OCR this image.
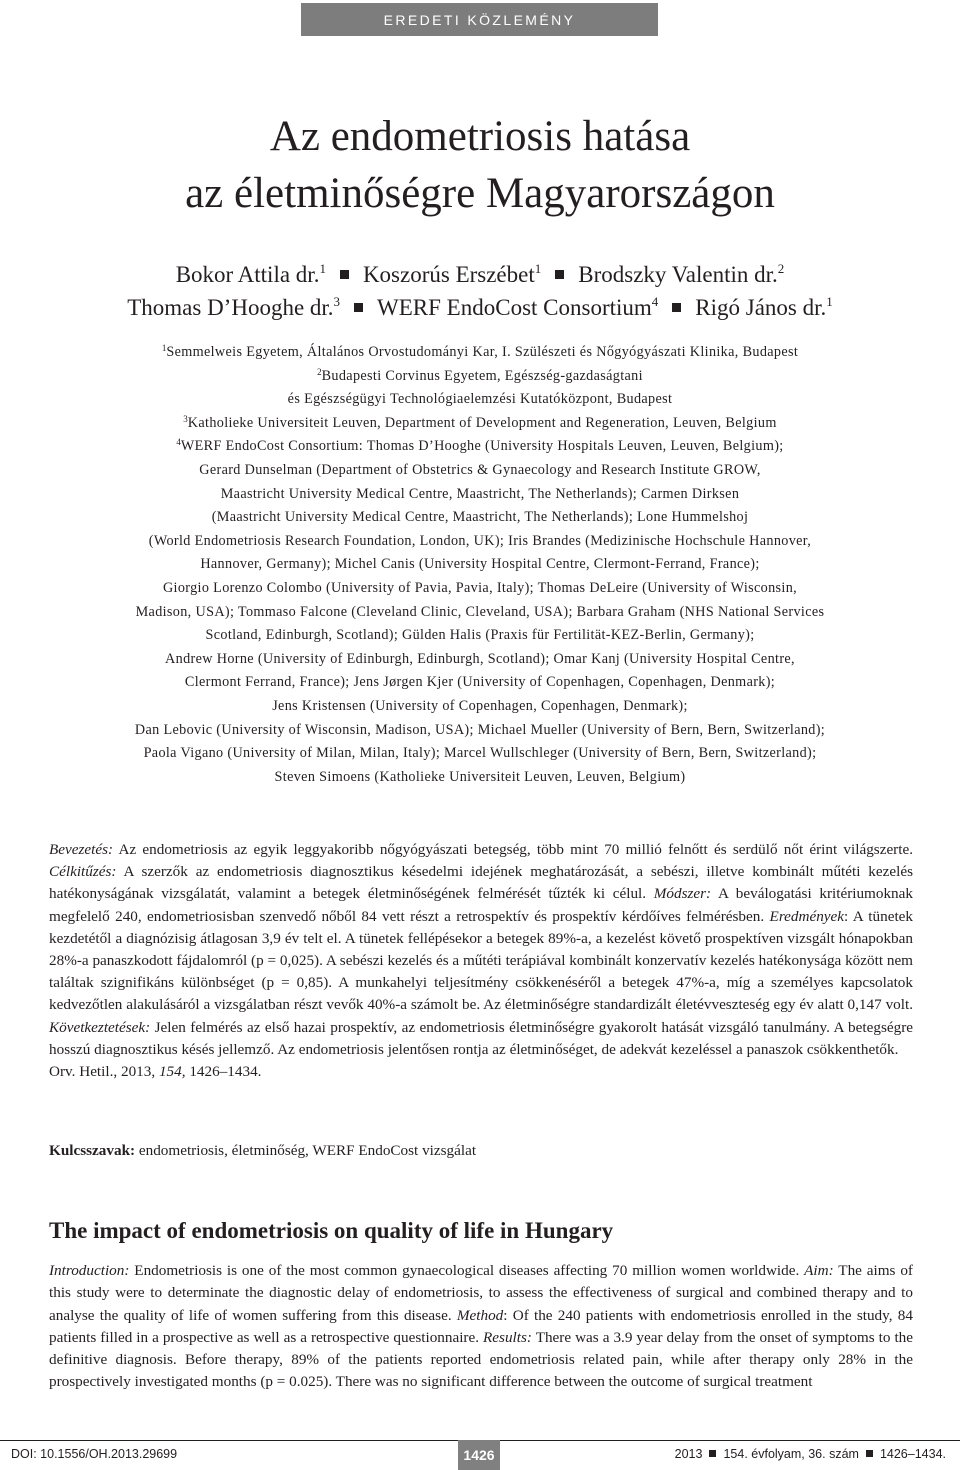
EREDETI KÖZLEMÉNY
Az endometriosis hatása
az életminőségre Magyarországon
Bokor Attila dr.$^1$ Koszorús Erszébet$^1$ Brodszky Valentin dr.$^2$
Thomas D’Hooghe dr.$^3$ WERF EndoCost Consortium$^4$ Rigó János dr.$^1$
$^1$Semmelweis Egyetem, Általános Orvostudományi Kar, I. Szülészeti és Nőgyógyászati Klinika, Budapest
$^2$Budapesti Corvinus Egyetem, Egészség-gazdaságtani
és Egészségügyi Technológiaelemzési Kutatóközpont, Budapest
$^3$Katholieke Universiteit Leuven, Department of Development and Regeneration, Leuven, Belgium
$^4$WERF EndoCost Consortium: Thomas D’Hooghe (University Hospitals Leuven, Leuven, Belgium);
Gerard Dunselman (Department of Obstetrics & Gynaecology and Research Institute GROW,
Maastricht University Medical Centre, Maastricht, The Netherlands); Carmen Dirksen
(Maastricht University Medical Centre, Maastricht, The Netherlands); Lone Hummelshoj
(World Endometriosis Research Foundation, London, UK); Iris Brandes (Medizinische Hochschule Hannover,
Hannover, Germany); Michel Canis (University Hospital Centre, Clermont-Ferrand, France);
Giorgio Lorenzo Colombo (University of Pavia, Pavia, Italy); Thomas DeLeire (University of Wisconsin,
Madison, USA); Tommaso Falcone (Cleveland Clinic, Cleveland, USA); Barbara Graham (NHS National Services
Scotland, Edinburgh, Scotland); Gülden Halis (Praxis für Fertilität-KEZ-Berlin, Germany);
Andrew Horne (University of Edinburgh, Edinburgh, Scotland); Omar Kanj (University Hospital Centre,
Clermont Ferrand, France); Jens Jørgen Kjer (University of Copenhagen, Copenhagen, Denmark);
Jens Kristensen (University of Copenhagen, Copenhagen, Denmark);
Dan Lebovic (University of Wisconsin, Madison, USA); Michael Mueller (University of Bern, Bern, Switzerland);
Paola Vigano (University of Milan, Milan, Italy); Marcel Wullschleger (University of Bern, Bern, Switzerland);
Steven Simoens (Katholieke Universiteit Leuven, Leuven, Belgium)
Bevezetés: Az endometriosis az egyik leggyakoribb nőgyógyászati betegség, több mint 70 millió felnőtt és serdülő nőt érint világszerte. Célkitűzés: A szerzők az endometriosis diagnosztikus késedelmi idejének meghatározását, a sebészi, illetve kombinált műtéti kezelés hatékonyságának vizsgálatát, valamint a betegek életminőségének felmérését tűzték ki célul. Módszer: A beválogatási kritériumoknak megfelelő 240, endometriosisban szenvedő nőből 84 vett részt a retrospektív és prospektív kérdőíves felmérésben. Eredmények: A tünetek kezdetétől a diagnózisig átlagosan 3,9 év telt el. A tünetek fellépésekor a betegek 89%-a, a kezelést követő prospektíven vizsgált hónapokban 28%-a panaszkodott fájdalomról (p = 0,025). A sebészi kezelés és a műtéti terápiával kombinált konzervatív kezelés hatékonysága között nem találtak szignifikáns különbséget (p = 0,85). A munkahelyi teljesítmény csökkenéséről a betegek 47%-a, míg a személyes kapcsolatok kedvezőtlen alakulásáról a vizsgálatban részt vevők 40%-a számolt be. Az életminőségre standardizált életévveszteség egy év alatt 0,147 volt. Következtetések: Jelen felmérés az első hazai prospektív, az endometriosis életminőségre gyakorolt hatását vizsgáló tanulmány. A betegségre hosszú diagnosztikus késés jellemző. Az endometriosis jelentősen rontja az életminőséget, de adekvát kezeléssel a panaszok csökkenthetők.
Orv. Hetil., 2013, 154, 1426–1434.
Kulcsszavak: endometriosis, életminőség, WERF EndoCost vizsgálat
The impact of endometriosis on quality of life in Hungary
Introduction: Endometriosis is one of the most common gynaecological diseases affecting 70 million women worldwide. Aim: The aims of this study were to determinate the diagnostic delay of endometriosis, to assess the effectiveness of surgical and combined therapy and to analyse the quality of life of women suffering from this disease. Method: Of the 240 patients with endometriosis enrolled in the study, 84 patients filled in a prospective as well as a retrospective questionnaire. Results: There was a 3.9 year delay from the onset of symptoms to the definitive diagnosis. Before therapy, 89% of the patients reported endometriosis related pain, while after therapy only 28% in the prospectively investigated months (p = 0.025). There was no significant difference between the outcome of surgical treatment
DOI: 10.1556/OH.2013.29699	1426	2013 154. évfolyam, 36. szám 1426–1434.
